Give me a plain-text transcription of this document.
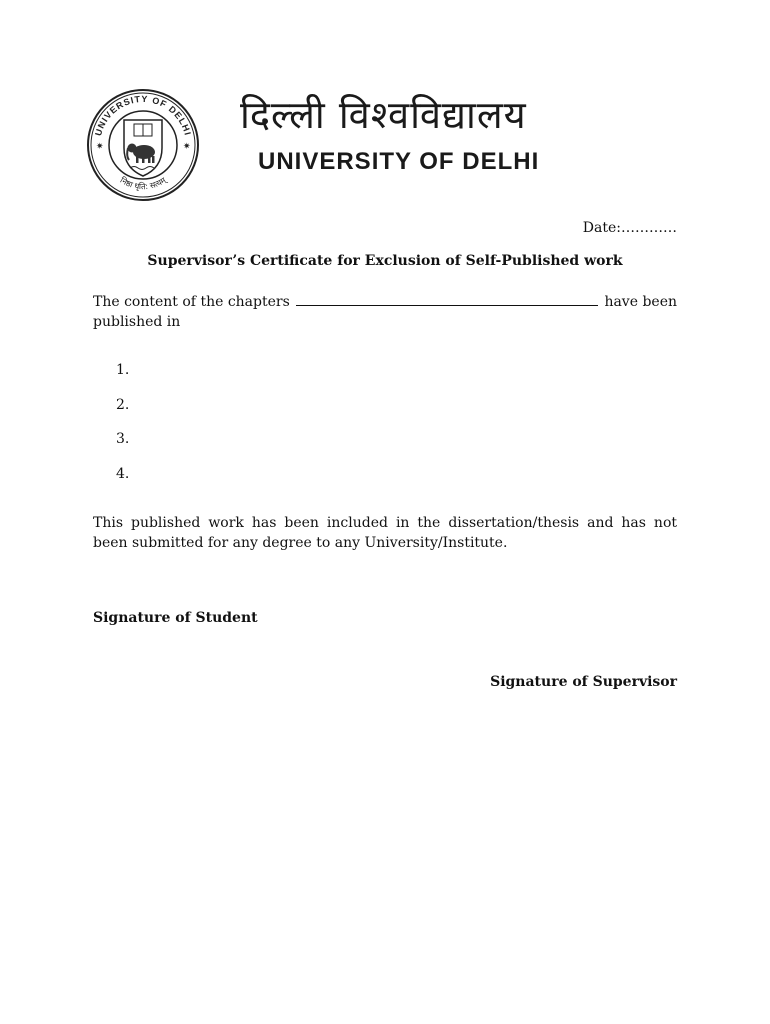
UNIVERSITY OF DELHI
निष्ठा धृति: सत्यम्
✷	✷
दिल्ली विश्वविद्यालय
UNIVERSITY OF DELHI
Date:…………
Supervisor’s Certificate for Exclusion of Self-Published work
The content of the chapters	have been
published in
1.
2.
3.
4.
This published work has been included in the dissertation/thesis and has not been submitted for any degree to any University/Institute.
Signature of Student
Signature of Supervisor
